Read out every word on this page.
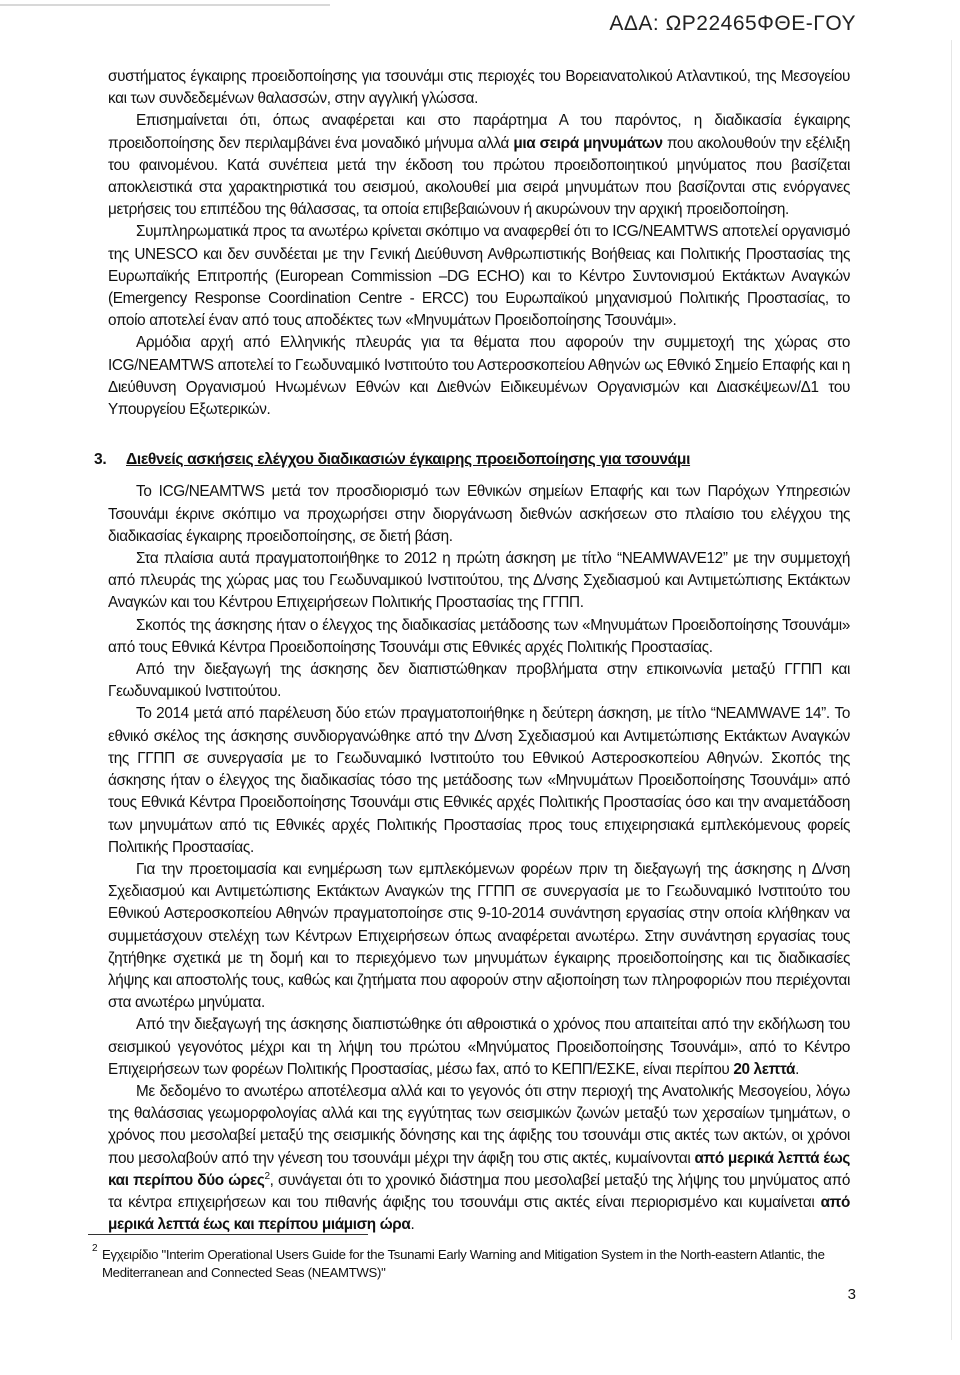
ΑΔΑ: ΩΡ22465ΦΘΕ-ΓΟΥ

συστήματος έγκαιρης προειδοποίησης για τσουνάμι στις περιοχές του Βορειανατολικού Ατλαντικού, της Μεσογείου και των συνδεδεμένων θαλασσών, στην αγγλική γλώσσα.

Επισημαίνεται ότι, όπως αναφέρεται και στο παράρτημα Α του παρόντος, η διαδικασία έγκαιρης προειδοποίησης δεν περιλαμβάνει ένα μοναδικό μήνυμα αλλά μια σειρά μηνυμάτων που ακολουθούν την εξέλιξη του φαινομένου. Κατά συνέπεια μετά την έκδοση του πρώτου προειδοποιητικού μηνύματος που βασίζεται αποκλειστικά στα χαρακτηριστικά του σεισμού, ακολουθεί μια σειρά μηνυμάτων που βασίζονται στις ενόργανες μετρήσεις του επιπέδου της θάλασσας, τα οποία επιβεβαιώνουν ή ακυρώνουν την αρχική προειδοποίηση.

Συμπληρωματικά προς τα ανωτέρω κρίνεται σκόπιμο να αναφερθεί ότι το ICG/NEAMTWS αποτελεί οργανισμό της UNESCO και δεν συνδέεται με την Γενική Διεύθυνση Ανθρωπιστικής Βοήθειας και Πολιτικής Προστασίας της Ευρωπαϊκής Επιτροπής (European Commission –DG ECHO) και το Κέντρο Συντονισμού Εκτάκτων Αναγκών (Emergency Response Coordination Centre - ERCC) του Ευρωπαϊκού μηχανισμού Πολιτικής Προστασίας, το οποίο αποτελεί έναν από τους αποδέκτες των «Μηνυμάτων Προειδοποίησης Τσουνάμι».

Αρμόδια αρχή από Ελληνικής πλευράς για τα θέματα που αφορούν την συμμετοχή της χώρας στο ICG/NEAMTWS αποτελεί το Γεωδυναμικό Ινστιτούτο του Αστεροσκοπείου Αθηνών ως Εθνικό Σημείο Επαφής και η Διεύθυνση Οργανισμού Ηνωμένων Εθνών και Διεθνών Ειδικευμένων Οργανισμών και Διασκέψεων/Δ1 του Υπουργείου Εξωτερικών.

3. Διεθνείς ασκήσεις ελέγχου διαδικασιών έγκαιρης προειδοποίησης για τσουνάμι

Το ICG/NEAMTWS μετά τον προσδιορισμό των Εθνικών σημείων Επαφής και των Παρόχων Υπηρεσιών Τσουνάμι έκρινε σκόπιμο να προχωρήσει στην διοργάνωση διεθνών ασκήσεων στο πλαίσιο του ελέγχου της διαδικασίας έγκαιρης προειδοποίησης, σε διετή βάση.

Στα πλαίσια αυτά πραγματοποιήθηκε το 2012 η πρώτη άσκηση με τίτλο “NEAMWAVE12” με την συμμετοχή από πλευράς της χώρας μας του Γεωδυναμικού Ινστιτούτου, της Δ/νσης Σχεδιασμού και Αντιμετώπισης Εκτάκτων Αναγκών και του Κέντρου Επιχειρήσεων Πολιτικής Προστασίας της ΓΓΠΠ.

Σκοπός της άσκησης ήταν ο έλεγχος της διαδικασίας μετάδοσης των «Μηνυμάτων Προειδοποίησης Τσουνάμι» από τους Εθνικά Κέντρα Προειδοποίησης Τσουνάμι στις Εθνικές αρχές Πολιτικής Προστασίας.

Από την διεξαγωγή της άσκησης δεν διαπιστώθηκαν προβλήματα στην επικοινωνία μεταξύ ΓΓΠΠ και Γεωδυναμικού Ινστιτούτου.

Το 2014 μετά από παρέλευση δύο ετών πραγματοποιήθηκε η δεύτερη άσκηση, με τίτλο “NEAMWAVE 14”. Το εθνικό σκέλος της άσκησης συνδιοργανώθηκε από την Δ/νση Σχεδιασμού και Αντιμετώπισης Εκτάκτων Αναγκών της ΓΓΠΠ σε συνεργασία με το Γεωδυναμικό Ινστιτούτο του Εθνικού Αστεροσκοπείου Αθηνών. Σκοπός της άσκησης ήταν ο έλεγχος της διαδικασίας τόσο της μετάδοσης των «Μηνυμάτων Προειδοποίησης Τσουνάμι» από τους Εθνικά Κέντρα Προειδοποίησης Τσουνάμι στις Εθνικές αρχές Πολιτικής Προστασίας όσο και την αναμετάδοση των μηνυμάτων από τις Εθνικές αρχές Πολιτικής Προστασίας προς τους επιχειρησιακά εμπλεκόμενους φορείς Πολιτικής Προστασίας.

Για την προετοιμασία και ενημέρωση των εμπλεκόμενων φορέων πριν τη διεξαγωγή της άσκησης η Δ/νση Σχεδιασμού και Αντιμετώπισης Εκτάκτων Αναγκών της ΓΓΠΠ σε συνεργασία με το Γεωδυναμικό Ινστιτούτο του Εθνικού Αστεροσκοπείου Αθηνών πραγματοποίησε στις 9-10-2014 συνάντηση εργασίας στην οποία κλήθηκαν να συμμετάσχουν στελέχη των Κέντρων Επιχειρήσεων όπως αναφέρεται ανωτέρω. Στην συνάντηση εργασίας τους ζητήθηκε σχετικά με τη δομή και το περιεχόμενο των μηνυμάτων έγκαιρης προειδοποίησης και τις διαδικασίες λήψης και αποστολής τους, καθώς και ζητήματα που αφορούν στην αξιοποίηση των πληροφοριών που περιέχονται στα ανωτέρω μηνύματα.

Από την διεξαγωγή της άσκησης διαπιστώθηκε ότι αθροιστικά ο χρόνος που απαιτείται από την εκδήλωση του σεισμικού γεγονότος μέχρι και τη λήψη του πρώτου «Μηνύματος Προειδοποίησης Τσουνάμι», από το Κέντρο Επιχειρήσεων των φορέων Πολιτικής Προστασίας, μέσω fax, από το ΚΕΠΠ/ΕΣΚΕ, είναι περίπου 20 λεπτά.

Με δεδομένο το ανωτέρω αποτέλεσμα αλλά και το γεγονός ότι στην περιοχή της Ανατολικής Μεσογείου, λόγω της θαλάσσιας γεωμορφολογίας αλλά και της εγγύτητας των σεισμικών ζωνών μεταξύ των χερσαίων τμημάτων, ο χρόνος που μεσολαβεί μεταξύ της σεισμικής δόνησης και της άφιξης του τσουνάμι στις ακτές των ακτών, οι χρόνοι που μεσολαβούν από την γένεση του τσουνάμι μέχρι την άφιξη του στις ακτές, κυμαίνονται από μερικά λεπτά έως και περίπου δύο ώρες$^2$, συνάγεται ότι το χρονικό διάστημα που μεσολαβεί μεταξύ της λήψης του μηνύματος από τα κέντρα επιχειρήσεων και του πιθανής άφιξης του τσουνάμι στις ακτές είναι περιορισμένο και κυμαίνεται από μερικά λεπτά έως και περίπου μιάμιση ώρα.

2 Εγχειρίδιο "Interim Operational Users Guide for the Tsunami Early Warning and Mitigation System in the North-eastern Atlantic, the Mediterranean and Connected Seas (NEAMTWS)"
3
